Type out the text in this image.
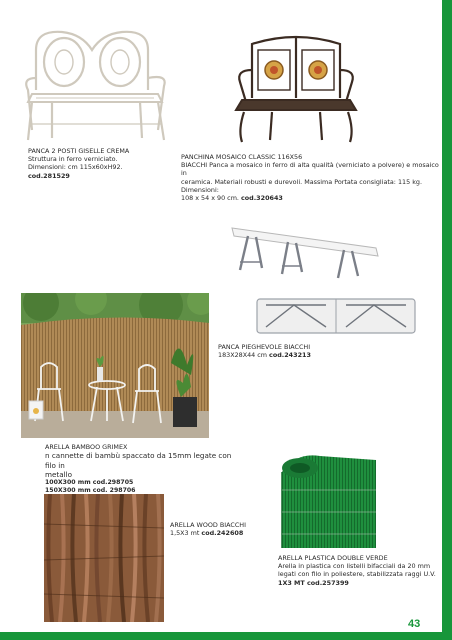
PANCA 2 POSTI GISELLE CREMA
Struttura in ferro verniciato.
Dimensioni: cm 115x60xH92.
cod.281529
PANCHINA MOSAICO CLASSIC 116X56
BIACCHI Panca a mosaico in ferro di alta qualità (verniciato a polvere) e mosaico in
ceramica. Materiali robusti e durevoli. Massima Portata consigliata: 115 kg. Dimensioni:
108 x 54 x 90 cm. cod.320643
PANCA PIEGHEVOLE BIACCHI
183X28X44 cm cod.243213
ARELLA BAMBOO GRIMEX
n cannette di bambù spaccato da 15mm legate con filo in
metallo
100X300 mm cod.298705
150X300 mm cod. 298706
ARELLA WOOD BIACCHI
1,5X3 mt cod.242608
ARELLA PLASTICA DOUBLE VERDE
Arella in plastica con listelli bifacciali da 20 mm
legati con filo in poliestere, stabilizzata raggi U.V.
1X3 MT cod.257399
43
